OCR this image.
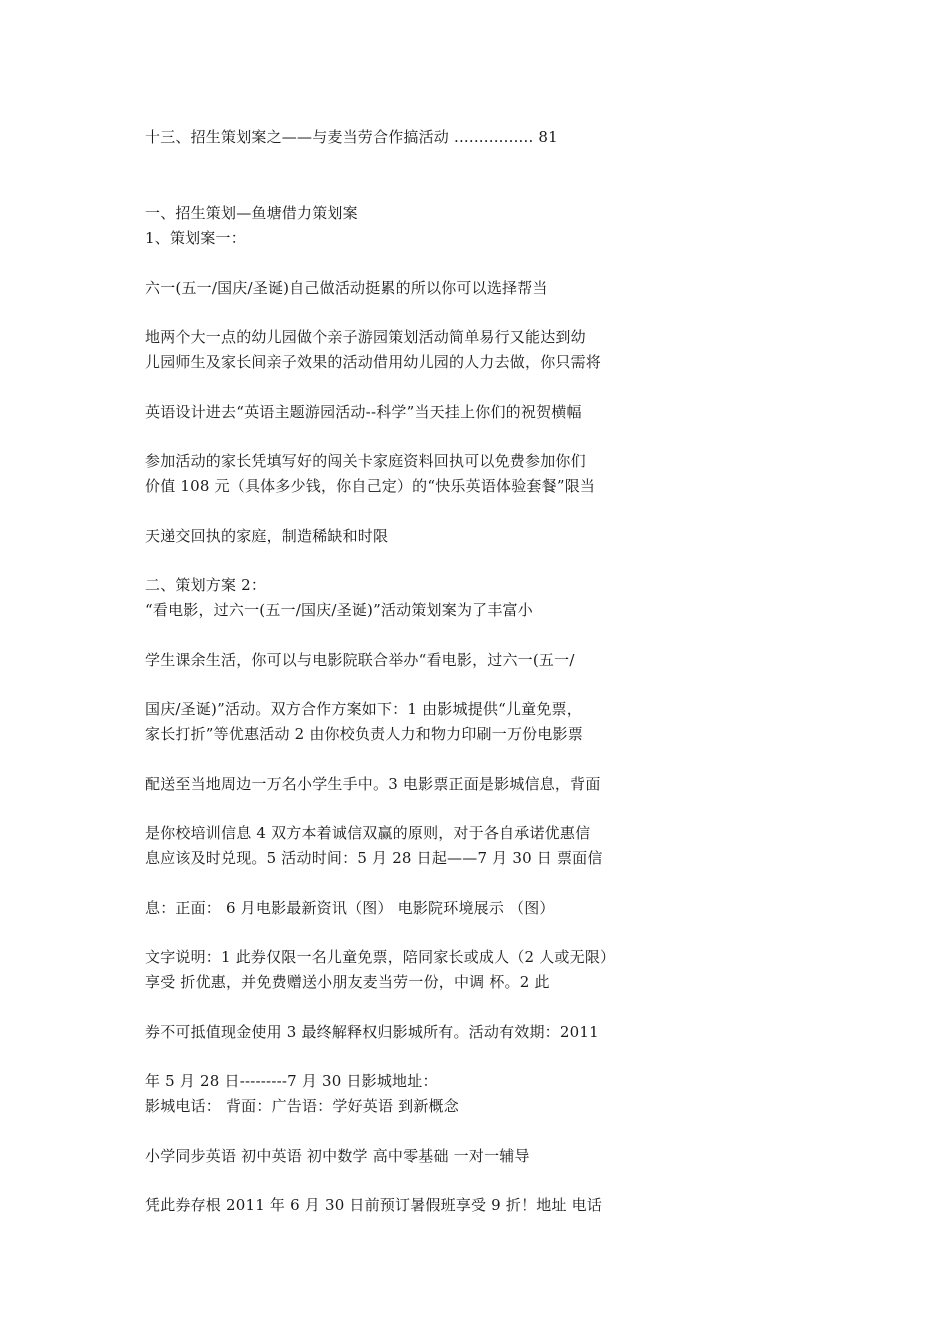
十三、招生策划案之——与麦当劳合作搞活动 ................ 81
一、招生策划—鱼塘借力策划案
1、策划案一：
六一(五一/国庆/圣诞)自己做活动挺累的所以你可以选择帮当
地两个大一点的幼儿园做个亲子游园策划活动简单易行又能达到幼
儿园师生及家长间亲子效果的活动借用幼儿园的人力去做，你只需将
英语设计进去“英语主题游园活动--科学”当天挂上你们的祝贺横幅
参加活动的家长凭填写好的闯关卡家庭资料回执可以免费参加你们
价值 108 元（具体多少钱，你自己定）的“快乐英语体验套餐”限当
天递交回执的家庭，制造稀缺和时限
二、策划方案 2：
“看电影，过六一(五一/国庆/圣诞)”活动策划案为了丰富小
学生课余生活，你可以与电影院联合举办“看电影，过六一(五一/
国庆/圣诞)”活动。双方合作方案如下：1 由影城提供“儿童免票，
家长打折”等优惠活动 2 由你校负责人力和物力印刷一万份电影票
配送至当地周边一万名小学生手中。3 电影票正面是影城信息，背面
是你校培训信息 4 双方本着诚信双赢的原则，对于各自承诺优惠信
息应该及时兑现。5 活动时间：5 月 28 日起——7 月 30 日 票面信
息：正面： 6 月电影最新资讯（图） 电影院环境展示 （图）
文字说明：1 此券仅限一名儿童免票，陪同家长或成人（2 人或无限）
享受 折优惠，并免费赠送小朋友麦当劳一份，中调 杯。2 此
券不可抵值现金使用 3 最终解释权归影城所有。活动有效期：2011
年 5 月 28 日---------7 月 30 日影城地址：
影城电话： 背面：广告语：学好英语 到新概念
小学同步英语 初中英语 初中数学 高中零基础 一对一辅导
凭此券存根 2011 年 6 月 30 日前预订暑假班享受 9 折！地址 电话
